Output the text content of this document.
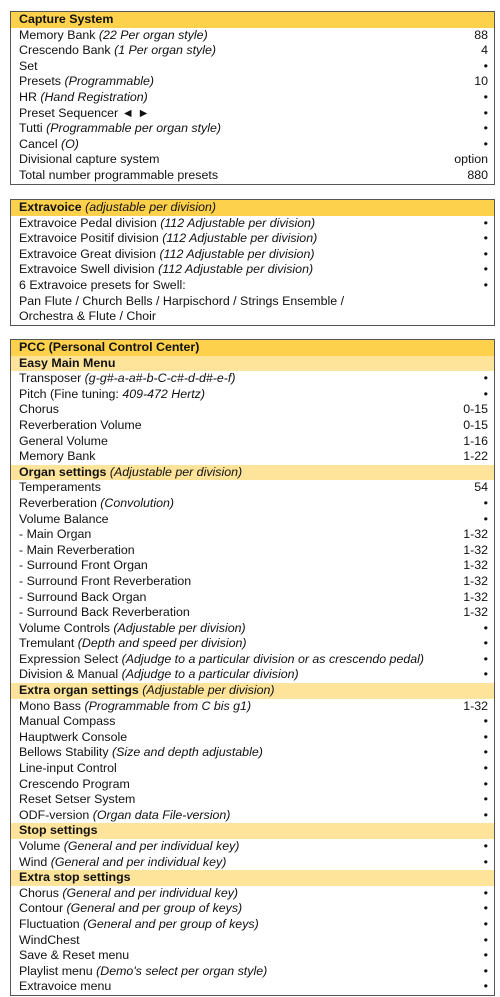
Capture System
Memory Bank (22 Per organ style)	88
Crescendo Bank (1 Per organ style)	4
Set	•
Presets (Programmable)	10
HR (Hand Registration)	•
Preset Sequencer ◄ ►	•
Tutti (Programmable per organ style)	•
Cancel (O)	•
Divisional capture system	option
Total number programmable presets	880
Extravoice (adjustable per division)
Extravoice Pedal division (112 Adjustable per division)	•
Extravoice Positif division (112 Adjustable per division)	•
Extravoice Great division (112 Adjustable per division)	•
Extravoice Swell division (112 Adjustable per division)	•
6 Extravoice presets for Swell:	•
Pan Flute / Church Bells / Harpischord / Strings Ensemble /
Orchestra & Flute / Choir
PCC (Personal Control Center)
Easy Main Menu
Transposer (g-g#-a-a#-b-C-c#-d-d#-e-f)	•
Pitch (Fine tuning: 409-472 Hertz)	•
Chorus	0-15
Reverberation Volume	0-15
General Volume	1-16
Memory Bank	1-22
Organ settings (Adjustable per division)
Temperaments	54
Reverberation (Convolution)	•
Volume Balance	•
- Main Organ	1-32
- Main Reverberation	1-32
- Surround Front Organ	1-32
- Surround Front Reverberation	1-32
- Surround Back Organ	1-32
- Surround Back Reverberation	1-32
Volume Controls (Adjustable per division)	•
Tremulant (Depth and speed per division)	•
Expression Select (Adjudge to a particular division or as crescendo pedal)	•
Division & Manual (Adjudge to a particular division)	•
Extra organ settings (Adjustable per division)
Mono Bass (Programmable from C bis g1)	1-32
Manual Compass	•
Hauptwerk Console	•
Bellows Stability (Size and depth adjustable)	•
Line-input Control	•
Crescendo Program	•
Reset Setser System	•
ODF-version (Organ data File-version)	•
Stop settings
Volume (General and per individual key)	•
Wind (General and per individual key)	•
Extra stop settings
Chorus (General and per individual key)	•
Contour (General and per group of keys)	•
Fluctuation (General and per group of keys)	•
WindChest	•
Save & Reset menu	•
Playlist menu (Demo's select per organ style)	•
Extravoice menu	•
